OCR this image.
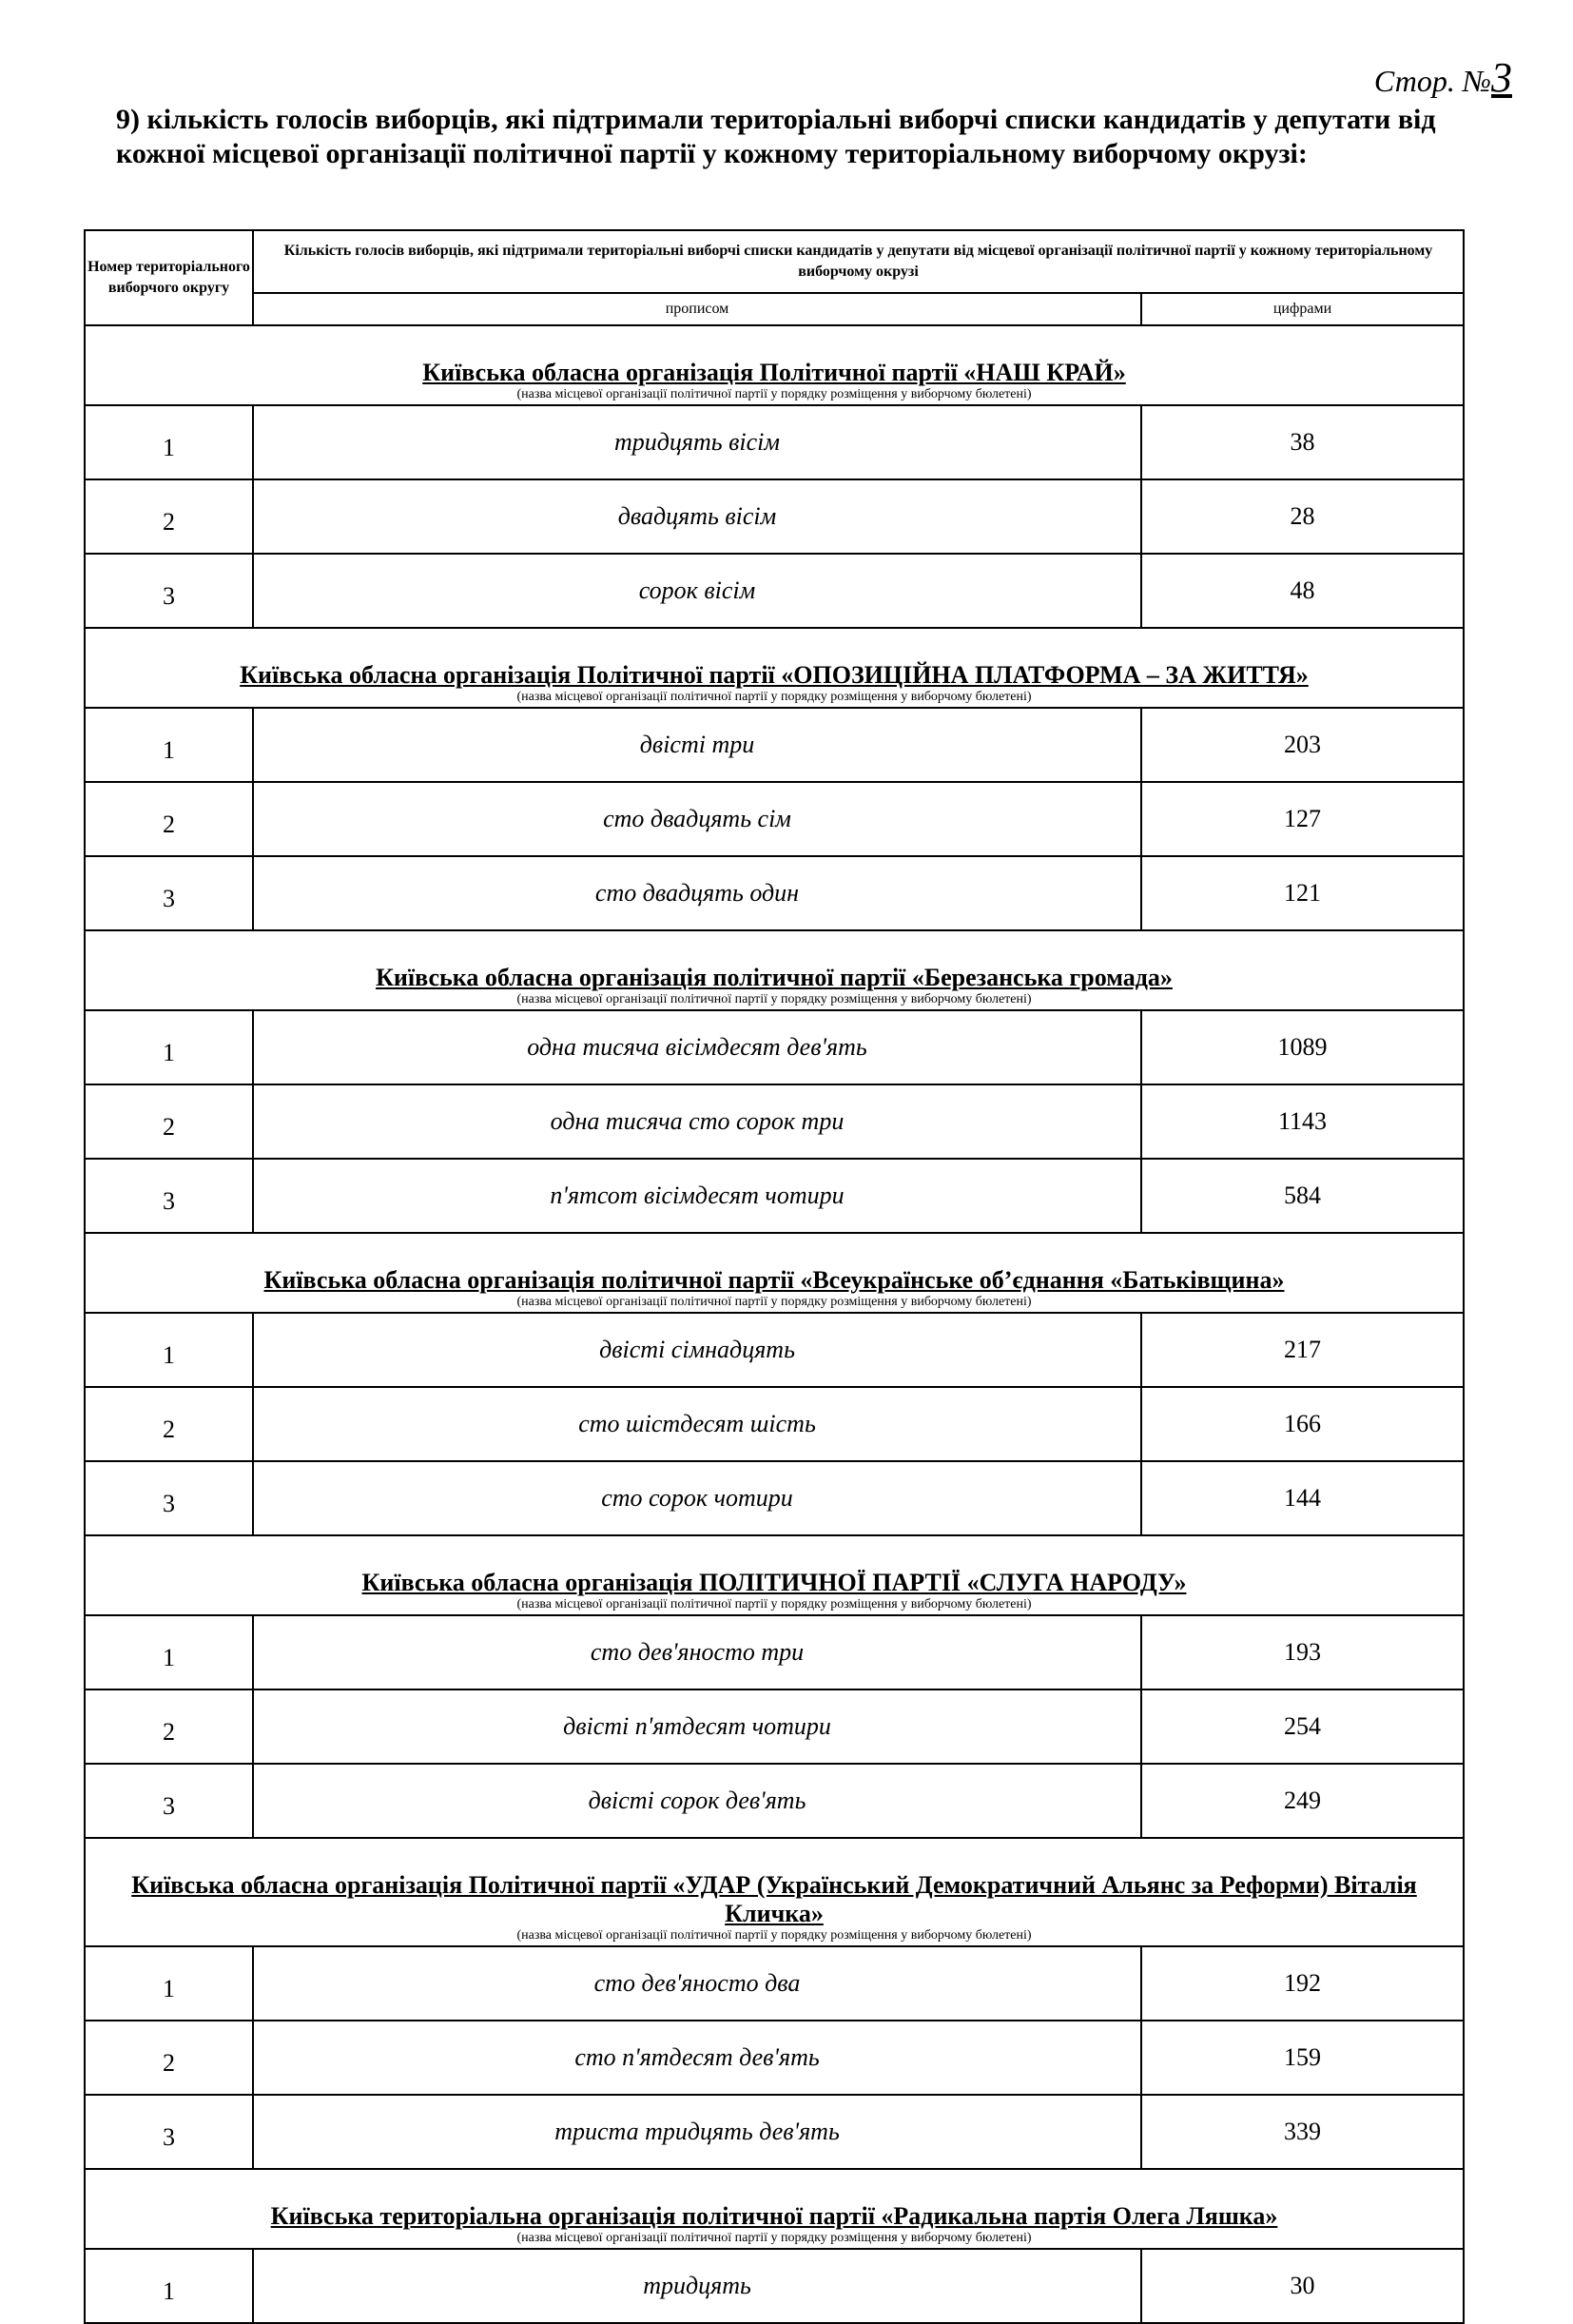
Стор. №3
9) кількість голосів виборців, які підтримали територіальні виборчі списки кандидатів у депутати від кожної місцевої організації політичної партії у кожному територіальному виборчому окрузі:
Номер територіального виборчого округу	Кількість голосів виборців, які підтримали територіальні виборчі списки кандидатів у депутати від місцевої організації політичної партії у кожному територіальному виборчому окрузі	
	прописом	цифрами

Київська обласна організація Політичної партії «НАШ КРАЙ»
(назва місцевої організації політичної партії у порядку розміщення у виборчому бюлетені)		

1	тридцять вісім	38
2	двадцять вісім	28
3	сорок вісім	48

Київська обласна організація Політичної партії «ОПОЗИЦІЙНА ПЛАТФОРМА – ЗА ЖИТТЯ»
(назва місцевої організації політичної партії у порядку розміщення у виборчому бюлетені)		

1	двісті три	203
2	сто двадцять сім	127
3	сто двадцять один	121

Київська обласна організація політичної партії «Березанська громада»
(назва місцевої організації політичної партії у порядку розміщення у виборчому бюлетені)		

1	одна тисяча вісімдесят дев'ять	1089
2	одна тисяча сто сорок три	1143
3	п'ятсот вісімдесят чотири	584

Київська обласна організація політичної партії «Всеукраїнське об’єднання «Батьківщина»
(назва місцевої організації політичної партії у порядку розміщення у виборчому бюлетені)		

1	двісті сімнадцять	217
2	сто шістдесят шість	166
3	сто сорок чотири	144

Київська обласна організація ПОЛІТИЧНОЇ ПАРТІЇ «СЛУГА НАРОДУ»
(назва місцевої організації політичної партії у порядку розміщення у виборчому бюлетені)		

1	сто дев'яносто три	193
2	двісті п'ятдесят чотири	254
3	двісті сорок дев'ять	249

Київська обласна організація Політичної партії «УДАР (Український Демократичний Альянс за Реформи) Віталія Кличка»
(назва місцевої організації політичної партії у порядку розміщення у виборчому бюлетені)		

1	сто дев'яносто два	192
2	сто п'ятдесят дев'ять	159
3	триста тридцять дев'ять	339

Київська територіальна організація політичної партії «Радикальна партія Олега Ляшка»
(назва місцевої організації політичної партії у порядку розміщення у виборчому бюлетені)		

1	тридцять	30
